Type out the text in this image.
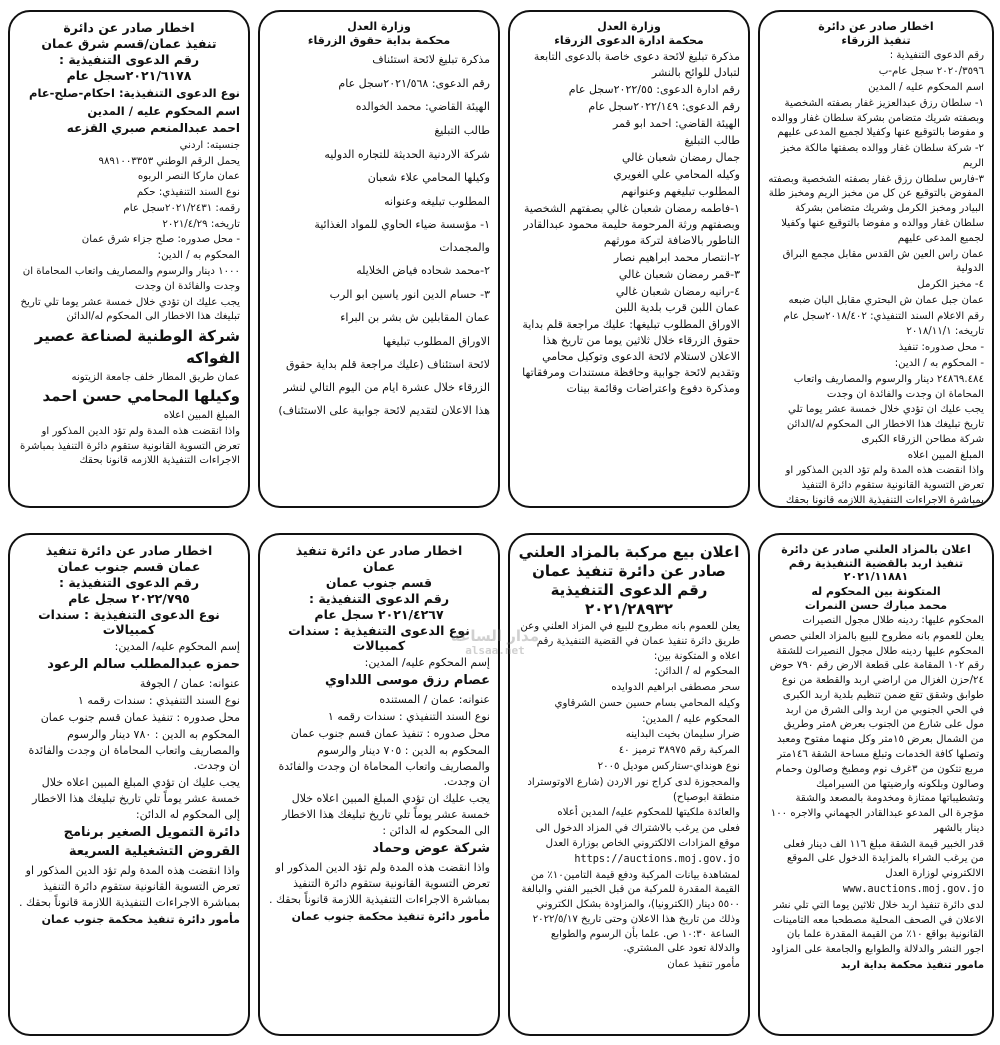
اخطار صادر عن دائرة
تنفيذ الزرقاء

رقم الدعوى التنفيذية :

٢٠٢٠/٣٥٩٦ سجل عام-ب

اسم المحكوم عليه / المدين

١- سلطان رزق عبدالعزيز غفار بصفته الشخصية وبصفته شريك متضامن بشركة سلطان غفار ووالده و مفوضا بالتوقيع عنها وكفيلا لجميع المدعى عليهم

٢- شركة سلطان غفار ووالده بصفتها مالكة مخبز الريم

٣-فارس سلطان رزق غفار بصفته الشخصية وبصفته المفوض بالتوقيع عن كل من مخبز الريم ومخبز طلة البيادر ومخبز الكرمل وشريك متضامن بشركة سلطان غفار ووالده و مفوضا بالتوقيع عنها وكفيلا لجميع المدعى عليهم

عمان راس العين ش القدس مقابل مجمع البراق الدولية

٤- مخبز الكرمل

عمان جبل عمان ش البحتري مقابل البان ضبعه

رقم الاعلام السند التنفيذي: ٢٠١٨/٤٠٢سجل عام

تاريخه: ٢٠١٨/١١/١

- محل صدوره: تنفيذ

- المحكوم به / الدين:

٢٤٨٦٩.٤٨٤ دينار والرسوم والمصاريف واتعاب المحاماة ان وجدت والفائدة ان وجدت

يجب عليك ان تؤدي خلال خمسة عشر يوما تلي تاريخ تبليغك هذا الاخطار الى المحكوم له/الدائن شركة مطاحن الزرقاء الكبرى

المبلغ المبين اعلاه

واذا انقضت هذه المدة ولم تؤد الدين المذكور او تعرض التسوية القانونية ستقوم دائرة التنفيذ بمباشرة الاجراءات التنفيذية اللازمه قانونا بحقك

وزارة العدل
محكمة ادارة الدعوى الزرقاء

مذكرة تبليغ لائحة دعوى خاصة بالدعوى التابعة لتبادل للوائح بالنشر

رقم ادارة الدعوى: ٢٠٢٢/٥٥سجل عام

رقم الدعوى: ٢٠٢٢/١٤٩سجل عام

الهيئة القاضي: احمد ابو قمر

طالب التبليغ

جمال رمضان شعبان غالي

وكيله المحامي علي الغويري

المطلوب تبليغهم وعنوانهم

١-فاطمه رمضان شعبان غالي بصفتهم الشخصية وبصفتهم ورثة المرحومة حليمة محمود عبدالقادر الناطور بالاضافة لتركة مورثهم

٢-انتصار محمد ابراهيم نصار

٣-قمر رمضان شعبان غالي

٤-رانيه رمضان شعبان غالي

عمان اللبن قرب بلدية اللبن

الاوراق المطلوب تبليغها: عليك مراجعة قلم بداية حقوق الزرقاء خلال ثلاثين يوما من تاريخ هذا الاعلان لاستلام لائحة الدعوى وتوكيل محامي وتقديم لائحة جوابية وحافظة مستندات ومرفقاتها ومذكرة دفوع واعتراضات وقائمة بينات

وزارة العدل
محكمة بداية حقوق الزرقاء

مذكرة تبليغ لائحة استئناف

رقم الدعوى: ٢٠٢١/٥٦٨سجل عام

الهيئة القاضي: محمد الخوالده

طالب التبليغ

شركة الاردنية الحديثة للتجاره الدوليه

وكيلها المحامي علاء شعبان

المطلوب تبليغه وعنوانه

١- مؤسسة ضياء الحاوي للمواد الغذائية والمجمدات

٢-محمد شحاده فياض الخلايله

٣- حسام الدين انور ياسين ابو الرب

عمان المقابلين ش بشر بن البراء

الاوراق المطلوب تبليغها

لائحة استئناف (عليك مراجعة قلم بداية حقوق الزرقاء خلال عشرة ايام من اليوم التالي لنشر هذا الاعلان لتقديم لائحة جوابية على الاستئناف)

اخطار صادر عن دائرة
تنفيذ عمان/قسم شرق عمان
رقم الدعوى التنفيذية :
٢٠٢١/٦١٧٨سجل عام

نوع الدعوى التنفيذية: احكام-صلح-عام

اسم المحكوم عليه / المدين

احمد عبدالمنعم صبري القزعه

جنسيته: اردني

يحمل الرقم الوطني ٩٨٩١٠٠٣٣٥٣

عمان ماركا النصر الربوه

نوع السند التنفيذي: حكم

رقمه: ٢٠٢١/٢٤٣١سجل عام

تاريخه: ٢٠٢١/٤/٢٩

- محل صدوره: صلح جزاء شرق عمان

المحكوم به / الدين:

١٠٠٠ دينار والرسوم والمصاريف واتعاب المحاماة ان وجدت والفائدة ان وجدت

يجب عليك ان تؤدي خلال خمسة عشر يوما تلي تاريخ تبليغك هذا الاخطار الى المحكوم له/الدائن

شركة الوطنية لصناعة عصير الفواكه

عمان طريق المطار خلف جامعة الزيتونه

وكيلها المحامي حسن احمد

المبلغ المبين اعلاه

واذا انقضت هذه المدة ولم تؤد الدين المذكور او تعرض التسوية القانونية ستقوم دائرة التنفيذ بمباشرة الاجراءات التنفيذية اللازمه قانونا بحقك

اعلان بالمزاد العلني صادر عن دائرة
تنفيذ اربد بالقضية التنفيذية رقم ٢٠٢١/١١٨٨١
المتكونة بين المحكوم له
محمد مبارك حسن النمرات

المحكوم عليها: ردينه طلال مجول النصيرات

يعلن للعموم بانه مطروح للبيع بالمزاد العلني حصص المحكوم عليها ردينه طلال مجول النصيرات للشقة رقم ١٠٢ المقامة على قطعة الارض رقم ٧٩٠ حوض ٢٤/حزن الغزال من اراضي اربد والقطعة من نوع طوابق وشقق تقع ضمن تنظيم بلدية اربد الكبرى في الحي الجنوبي من اربد والى الشرق من اربد مول على شارع من الجنوب بعرض ٨متر وطريق من الشمال بعرض ١٥متر وكل منهما مفتوح ومعبد وتصلها كافة الخدمات وتبلغ مساحة الشقة ١٤٦متر مربع تتكون من ٣غرف نوم ومطبخ وصالون وحمام وصالون وبلكونه وارضيتها من السيراميك وتشطيباتها ممتازة ومخدومة بالمصعد والشقة مؤجرة الى المدعو عبدالقادر الجهماني والاجره ١٠٠ دينار بالشهر

قدر الخبير قيمة الشقة مبلغ ١١٦ الف دينار فعلى من يرغب الشراء بالمزايدة الدخول على الموقع الالكتروني لوزارة العدل

www.auctions.moj.gov.jo

لدى دائرة تنفيذ اربد خلال ثلاثين يوما التي تلي نشر الاعلان في الصحف المحلية مصطحبا معه التامينات القانونية بواقع ١٠٪ من القيمة المقدرة علما بان اجور النشر والدلالة والطوابع والجامعة على المزاود

مامور تنفيذ محكمة بداية اربد

اعلان بيع مركبة بالمزاد العلني
صادر عن دائرة تنفيذ عمان
رقم الدعوى التنفيذية
٢٠٢١/٢٨٩٣٢

يعلن للعموم بانه مطروح للبيع في المزاد العلني وعن طريق دائرة تنفيذ عمان في القضية التنفيذية رقم اعلاه و المتكونة بين:

المحكوم له / الدائن:

سحر مصطفى ابراهيم الدوايده

وكيله المحامي بسام حسين حسن الشرقاوي

المحكوم عليه / المدين:

ضرار سليمان بخيت البداينه

المركبة رقم ٣٨٩٧٥ ترميز ٤٠

نوع هونداي-ستاركس موديل ٢٠٠٥

والمحجوزة لدى كراج نور الاردن (شارع الاوتوستراد منطقة ابوصياح)

والعائدة ملكيتها للمحكوم عليه/ المدين أعلاه

فعلى من يرغب بالاشتراك في المزاد الدخول الى موقع المزادات الالكتروني الخاص بوزارة العدل

https://auctions.moj.gov.jo

لمشاهدة بيانات المركبة ودفع قيمة التامين١٠٪ من القيمة المقدرة للمركبة من قبل الخبير الفني والبالغة ٥٥٠٠ دينار (الكترونيا)، والمزاودة بشكل الكتروني وذلك من تاريخ هذا الاعلان وحتى تاريخ ٢٠٢٢/٥/١٧ الساعة ١٠:٣٠ ص. علما بأن الرسوم والطوابع والدلالة تعود على المشتري.

مأمور تنفيذ عمان

اخطار صادر عن دائرة تنفيذ
عمان
قسم جنوب عمان
رقم الدعوى التنفيذية :
٢٠٢١/٤٢٦٧ سجل عام
نوع الدعوى التنفيذية : سندات كمبيالات

إسم المحكوم عليه/ المدين:

عصام رزق موسى اللداوي

عنوانه: عمان / المستنده

نوع السند التنفيذي : سندات رقمه ١

محل صدوره : تنفيذ عمان قسم جنوب عمان

المحكوم به الدين : ٧٠٥ دينار والرسوم والمصاريف واتعاب المحاماة ان وجدت والفائدة ان وجدت.

يجب عليك ان تؤدي المبلغ المبين اعلاه خلال خمسة عشر يوماً تلي تاريخ تبليغك هذا الاخطار الى المحكوم له الدائن :

شركة عوض وحماد

واذا انقضت هذه المدة ولم تؤد الدين المذكور او تعرض التسوية القانونية ستقوم دائرة التنفيذ بمباشرة الاجراءات التنفيذية اللازمة قانوناً بحقك .

مأمور دائرة تنفيذ محكمة جنوب عمان

اخطار صادر عن دائرة تنفيذ
عمان قسم جنوب عمان
رقم الدعوى التنفيذية :
٢٠٢٢/٧٩٥ سجل عام
نوع الدعوى التنفيذية : سندات كمبيالات

إسم المحكوم عليه/ المدين:

حمزه عبدالمطلب سالم الرعود

عنوانه: عمان / الجوفة

نوع السند التنفيذي : سندات رقمه ١

محل صدوره : تنفيذ عمان قسم جنوب عمان

المحكوم به الدين : ٧٨٠ دينار والرسوم والمصاريف واتعاب المحاماة ان وجدت والفائدة ان وجدت.

يجب عليك ان تؤدي المبلغ المبين اعلاه خلال خمسة عشر يوماً تلي تاريخ تبليغك هذا الاخطار إلى المحكوم له الدائن:

دائرة التمويل الصغير برنامج القروض التشغيلية السريعة

واذا انقضت هذه المدة ولم تؤد الدين المذكور او تعرض التسوية القانونية ستقوم دائرة التنفيذ بمباشرة الاجراءات التنفيذية اللازمة قانوناً بحقك .

مأمور دائرة تنفيذ محكمة جنوب عمان

مدار الساعة
alsaa.net
